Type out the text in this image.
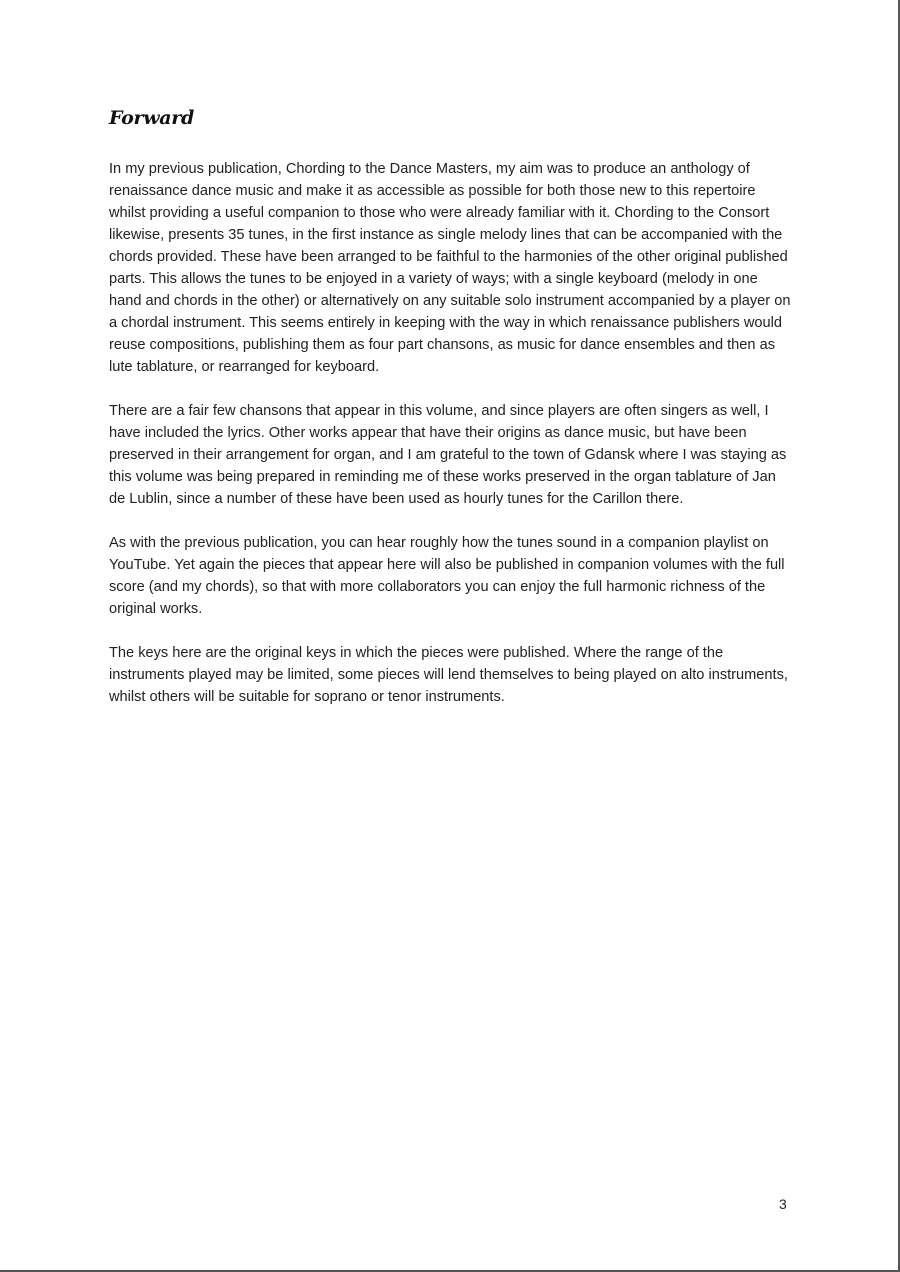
Forward

In my previous publication, Chording to the Dance Masters, my aim was to produce an anthology of renaissance dance music and make it as accessible as possible for both those new to this repertoire whilst providing a useful companion to those who were already familiar with it. Chording to the Consort likewise, presents 35 tunes, in the first instance as single melody lines that can be accompanied with the chords provided. These have been arranged to be faithful to the harmonies of the other original published parts. This allows the tunes to be enjoyed in a variety of ways; with a single keyboard (melody in one hand and chords in the other) or alternatively on any suitable solo instrument accompanied by a player on a chordal instrument. This seems entirely in keeping with the way in which renaissance publishers would reuse compositions, publishing them as four part chansons, as music for dance ensembles and then as lute tablature, or rearranged for keyboard.

There are a fair few chansons that appear in this volume, and since players are often singers as well, I have included the lyrics. Other works appear that have their origins as dance music, but have been preserved in their arrangement for organ, and I am grateful to the town of Gdansk where I was staying as this volume was being prepared in reminding me of these works preserved in the organ tablature of Jan de Lublin, since a number of these have been used as hourly tunes for the Carillon there.

As with the previous publication, you can hear roughly how the tunes sound in a companion playlist on YouTube. Yet again the pieces that appear here will also be published in companion volumes with the full score (and my chords), so that with more collaborators you can enjoy the full harmonic richness of the original works.

The keys here are the original keys in which the pieces were published. Where the range of the instruments played may be limited, some pieces will lend themselves to being played on alto instruments, whilst others will be suitable for soprano or tenor instruments.

3
